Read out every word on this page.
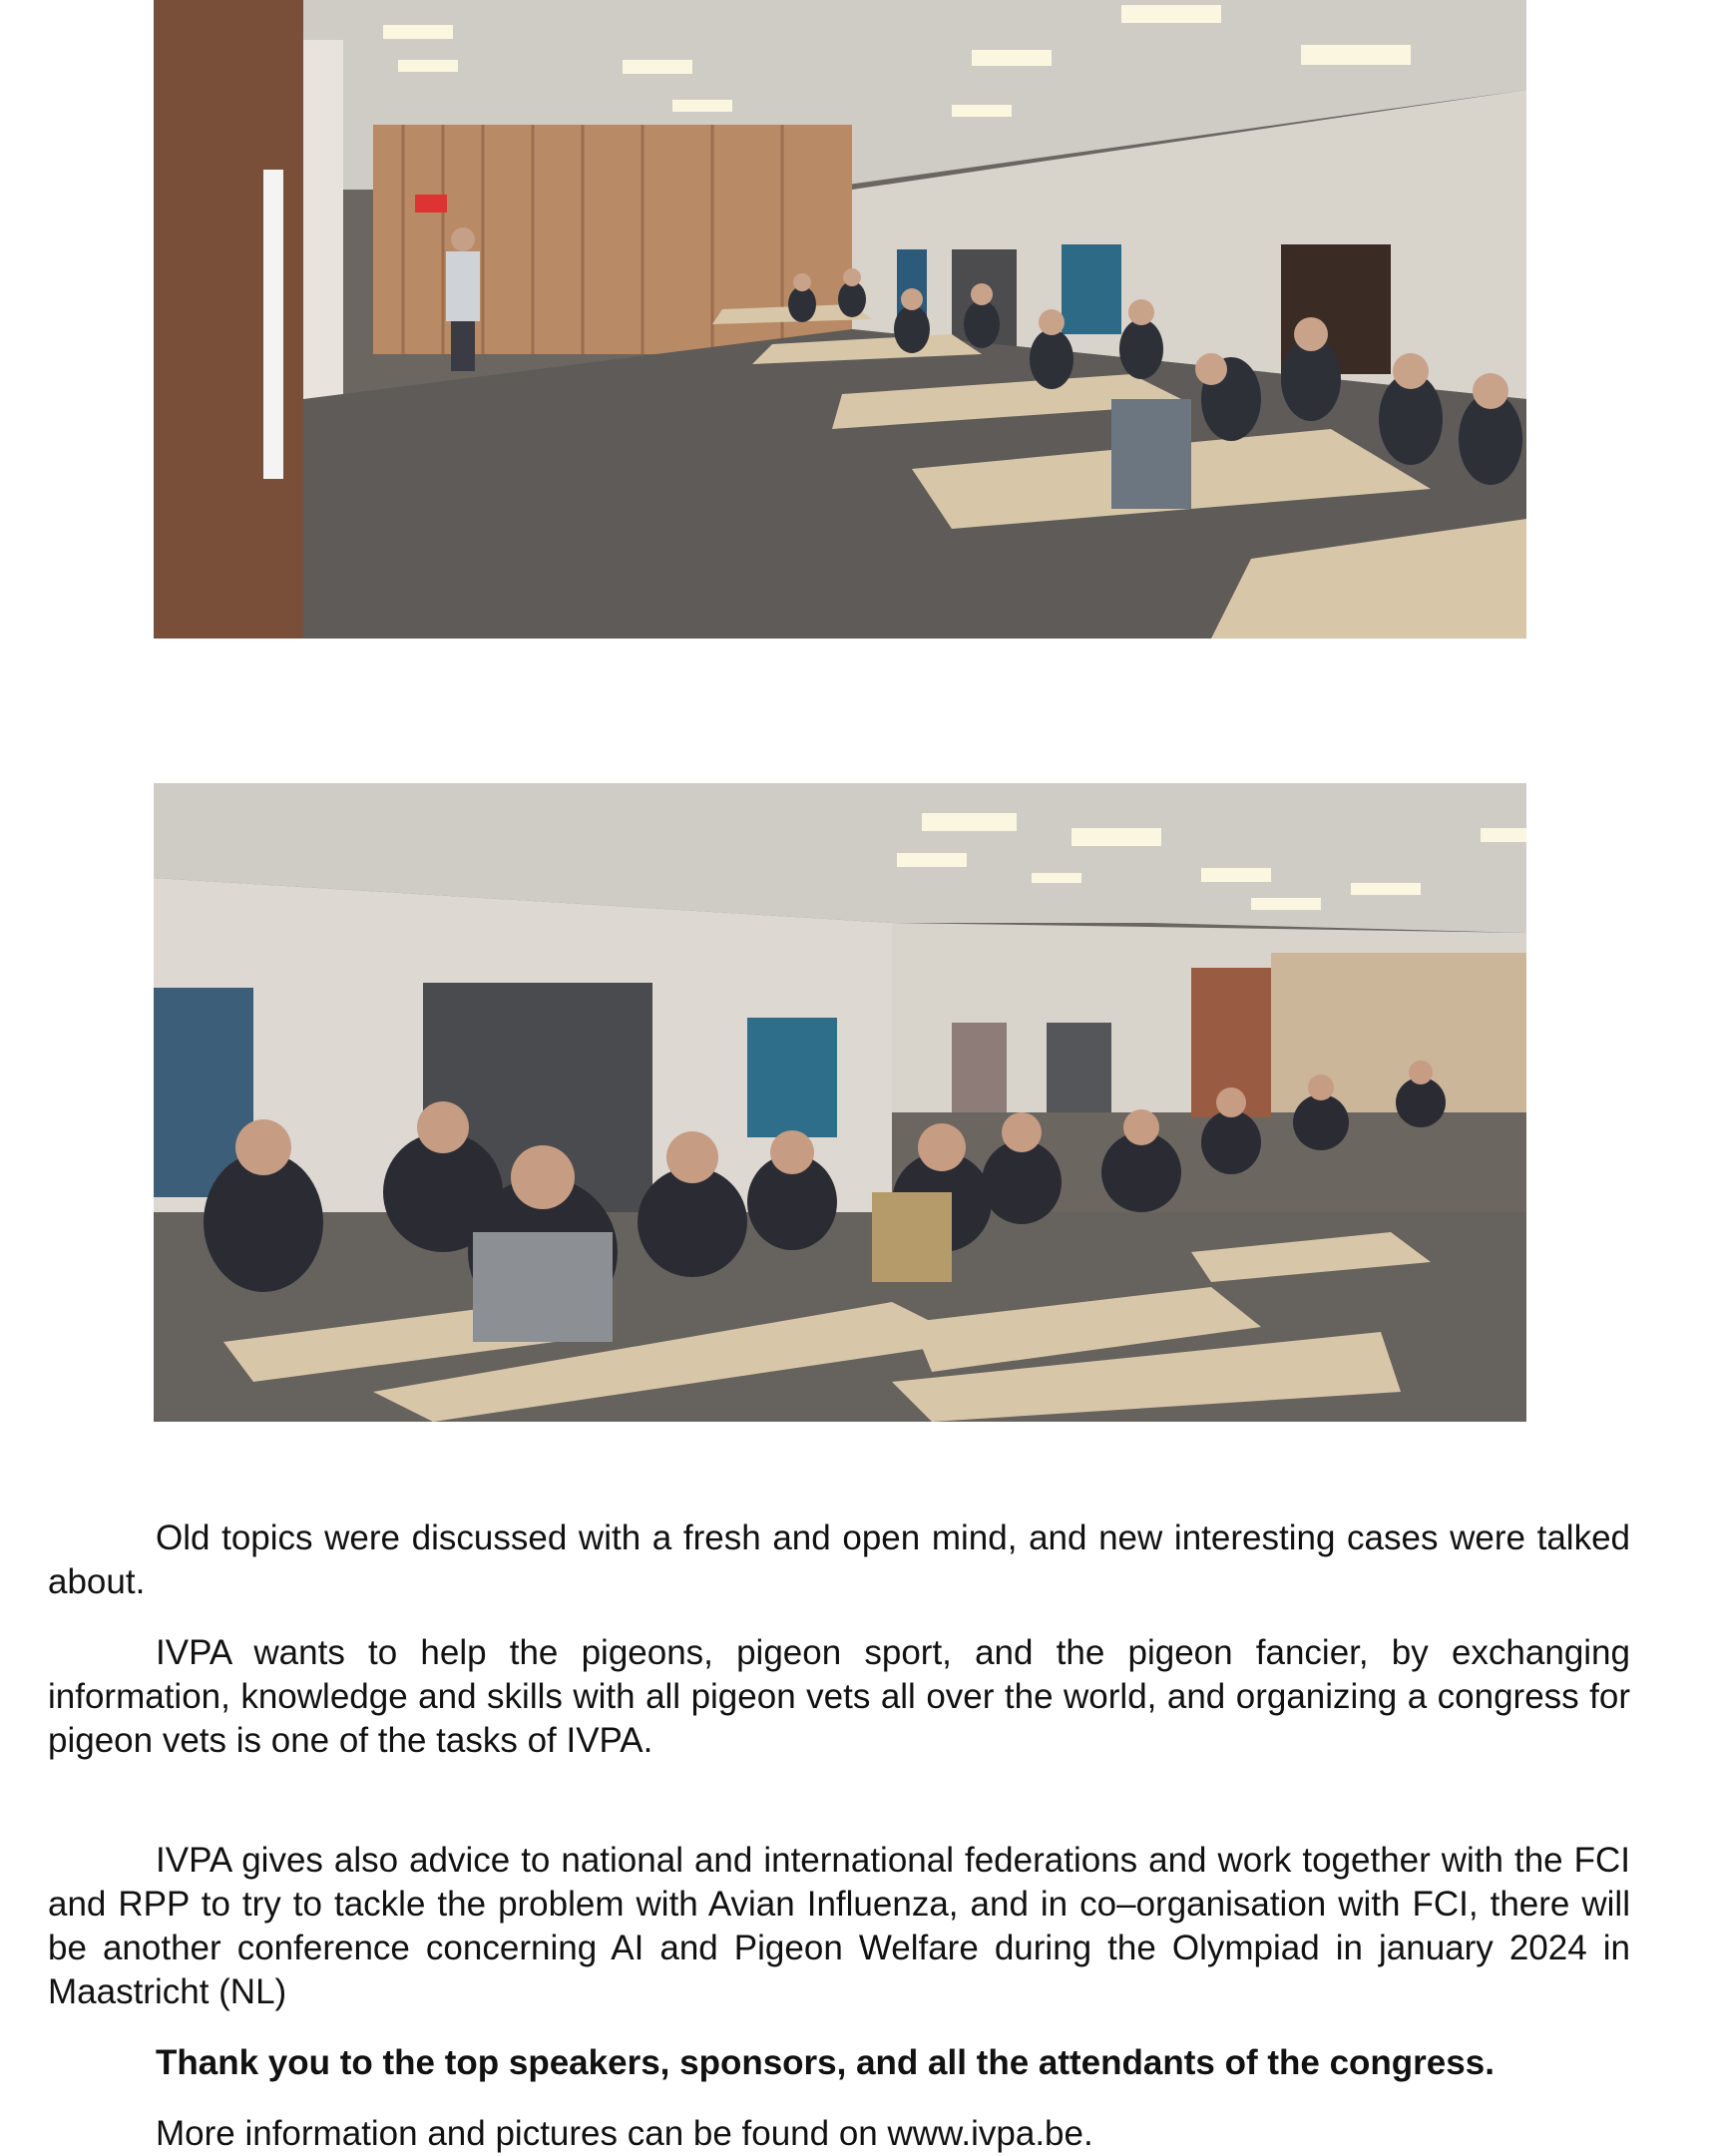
Old topics were discussed with a fresh and open mind, and new interesting cases were talked about.

IVPA wants to help the pigeons, pigeon sport, and the pigeon fancier, by exchanging information, knowledge and skills with all pigeon vets all over the world, and organizing a congress for pigeon vets is one of the tasks of IVPA.

IVPA gives also advice to national and international federations and work together with the FCI and RPP to try to tackle the problem with Avian Influenza, and in co–organisation with FCI, there will be another conference concerning AI and Pigeon Welfare during the Olympiad in january 2024 in Maastricht (NL)

Thank you to the top speakers, sponsors, and all the attendants of the congress.

More information and pictures can be found on www.ivpa.be.
